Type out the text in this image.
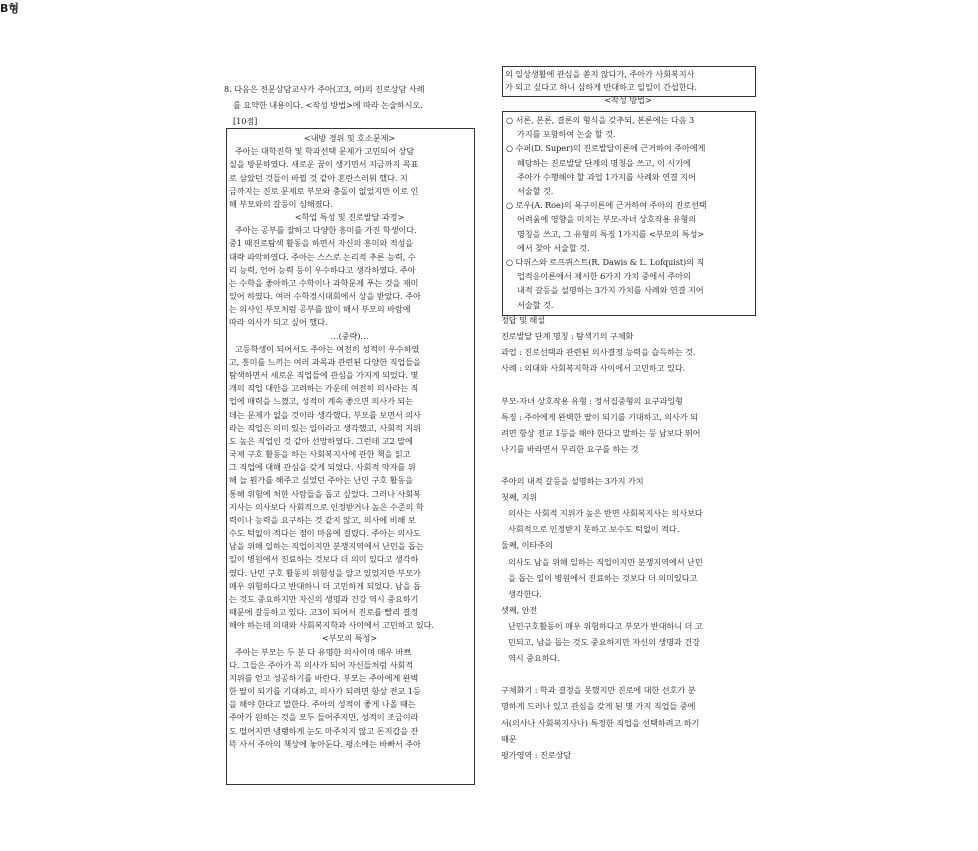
B형
8. 다음은 전문상담교사가 주아(고3, 여)의 진로상담 사례
를 요약한 내용이다. <작성 방법>에 따라 논술하시오.
[10점]
<내방 경위 및 호소문제>
주아는 대학진학 및 학과선택 문제가 고민되어 상담
실을 방문하였다. 새로운 꿈이 생기면서 지금까지 목표
로 삼았던 것들이 바뀔 것 같아 혼란스러워 했다. 지
금까지는 진로 문제로 부모와 충돌이 없었지만 이로 인
해 부모와의 갈등이 심해졌다.
<학업 특성 및 진로발달 과정>
주아는 공부를 잘하고 다양한 흥미를 가진 학생이다.
중1 때진로탐색 활동을 하면서 자신의 흥미와 적성을
대략 파악하였다. 주아는 스스로 논리적 추론 능력, 수
리 능력, 언어 능력 등이 우수하다고 생각하였다. 주아
는 수학을 좋아하고 수학이나 과학문제 푸는 것을 재미
있어 하였다. 여러 수학경시대회에서 상을 받았다. 주아
는 의사인 부모처럼 공부를 많이 해서 부모의 바람에
따라 의사가 되고 싶어 했다.
…(중략)…
고등학생이 되어서도 주아는 여전히 성적이 우수하였
고, 흥미를 느끼는 여러 과목과 관련된 다양한 직업들을
탐색하면서 새로운 직업들에 관심을 가지게 되었다. 몇
개의 직업 대안을 고려하는 가운데 여전히 의사라는 직
업에 매력을 느꼈고, 성적이 계속 좋으면 의사가 되는
데는 문제가 없을 것이라 생각했다. 부모를 보면서 의사
라는 직업은 의미 있는 일이라고 생각했고, 사회적 지위
도 높은 직업인 것 같아 선망하였다. 그런데 고2 말에
국제 구호 활동을 하는 사회복지사에 관한 책을 읽고
그 직업에 대해 관심을 갖게 되었다. 사회적 약자를 위
해 늘 뭔가를 해주고 싶었던 주아는 난민 구호 활동을
통해 위험에 처한 사람들을 돕고 싶었다. 그러나 사회복
지사는 의사보다 사회적으로 인정받거나 높은 수준의 학
력이나 능력을 요구하는 것 같지 않고, 의사에 비해 보
수도 턱없이 적다는 점이 마음에 걸렸다. 주아는 의사도
남을 위해 일하는 직업이지만 분쟁지역에서 난민을 돕는
일이 병원에서 진료하는 것보다 더 의미 있다고 생각하
였다. 난민 구호 활동의 위험성을 알고 있었지만 부모가
매우 위험하다고 반대하니 더 고민하게 되었다. 남을 돕
는 것도 중요하지만 자신의 생명과 건강 역시 중요하기
때문에 갈등하고 있다. 고3이 되어서 진로를 빨리 결정
해야 하는데 의대와 사회복지학과 사이에서 고민하고 있다.
<부모의 특성>
주아는 부모는 두 분 다 유명한 의사이며 매우 바쁘
다. 그들은 주아가 꼭 의사가 되어 자신들처럼 사회적
지위를 얻고 성공하기를 바란다. 부모는 주아에게 완벽
한 딸이 되기를 기대하고, 의사가 되려면 항상 전교 1등
을 해야 한다고 말한다. 주아의 성적이 좋게 나올 때는
주아가 원하는 것을 모두 들어주지만, 성적이 조금이라
도 떨어지면 냉랭하게 눈도 마주치지 않고 돈지갑을 잔
뜩 사서 주아의 책상에 놓아둔다. 평소에는 바빠서 주아
의 일상생활에 관심을 쏟지 않다가, 주아가 사회복지사
가 되고 싶다고 하니 심하게 반대하고 일일이 간섭한다.
<작성 방법>
○ 서론, 본론, 결론의 형식을 갖추되, 본론에는 다음 3
가지를 포함하여 논술 할 것.
○ 수퍼(D. Super)의 진로발달이론에 근거하여 주아에게
해당하는 진로발달 단계의 명칭을 쓰고, 이 시기에
주아가 수행해야 할 과업 1가지를 사례와 연결 지어
서술할 것.
○ 로우(A. Roe)의 욕구이론에 근거하여 주아의 진로선택
어려움에 영향을 미치는 부모-자녀 상호작용 유형의
명칭을 쓰고, 그 유형의 특징 1가지를 <부모의 특성>
에서 찾아 서술할 것.
○ 다위스와 로프퀴스트(R. Dawis & L. Lofquist)의 직
업적응이론에서 제시한 6가지 가치 중에서 주아의
내적 갈등을 설명하는 3가지 가치를 사례와 연결 지어
서술할 것.
정답 및 해설
진로발달 단계 명칭 : 탐색기의 구체화
과업 : 진로선택과 관련된 의사결정 능력을 습득하는 것.
사례 : 의대와 사회복지학과 사이에서 고민하고 있다.
부모-자녀 상호작용 유형 : 정서집중형의 요구과잉형
특징 : 주아에게 완벽한 딸이 되기를 기대하고, 의사가 되
려면 항상 전교 1등을 해야 한다고 말하는 등 남보다 뛰어
나기를 바라면서 무리한 요구를 하는 것
주아의 내적 갈등을 설명하는 3가지 가치
첫째, 지위
의사는 사회적 지위가 높은 반면 사회복지사는 의사보다
사회적으로 인정받지 못하고 보수도 턱없이 적다.
둘째, 이타주의
의사도 남을 위해 일하는 직업이지만 분쟁지역에서 난민
을 돕는 일이 병원에서 진료하는 것보다 더 의미있다고
생각한다.
셋째, 안전
난민구호활동이 매우 위험하다고 부모가 반대하니 더 고
민되고, 남을 돕는 것도 중요하지만 자신의 생명과 건강
역시 중요하다.
구체화기 : 학과 결정을 못했지만 진로에 대한 선호가 분
명하게 드러나 있고 관심을 갖게 된 몇 가지 직업들 중에
서(의사나 사회복지사나) 특정한 직업을 선택하려고 하기
때문
평가영역 : 진로상담
